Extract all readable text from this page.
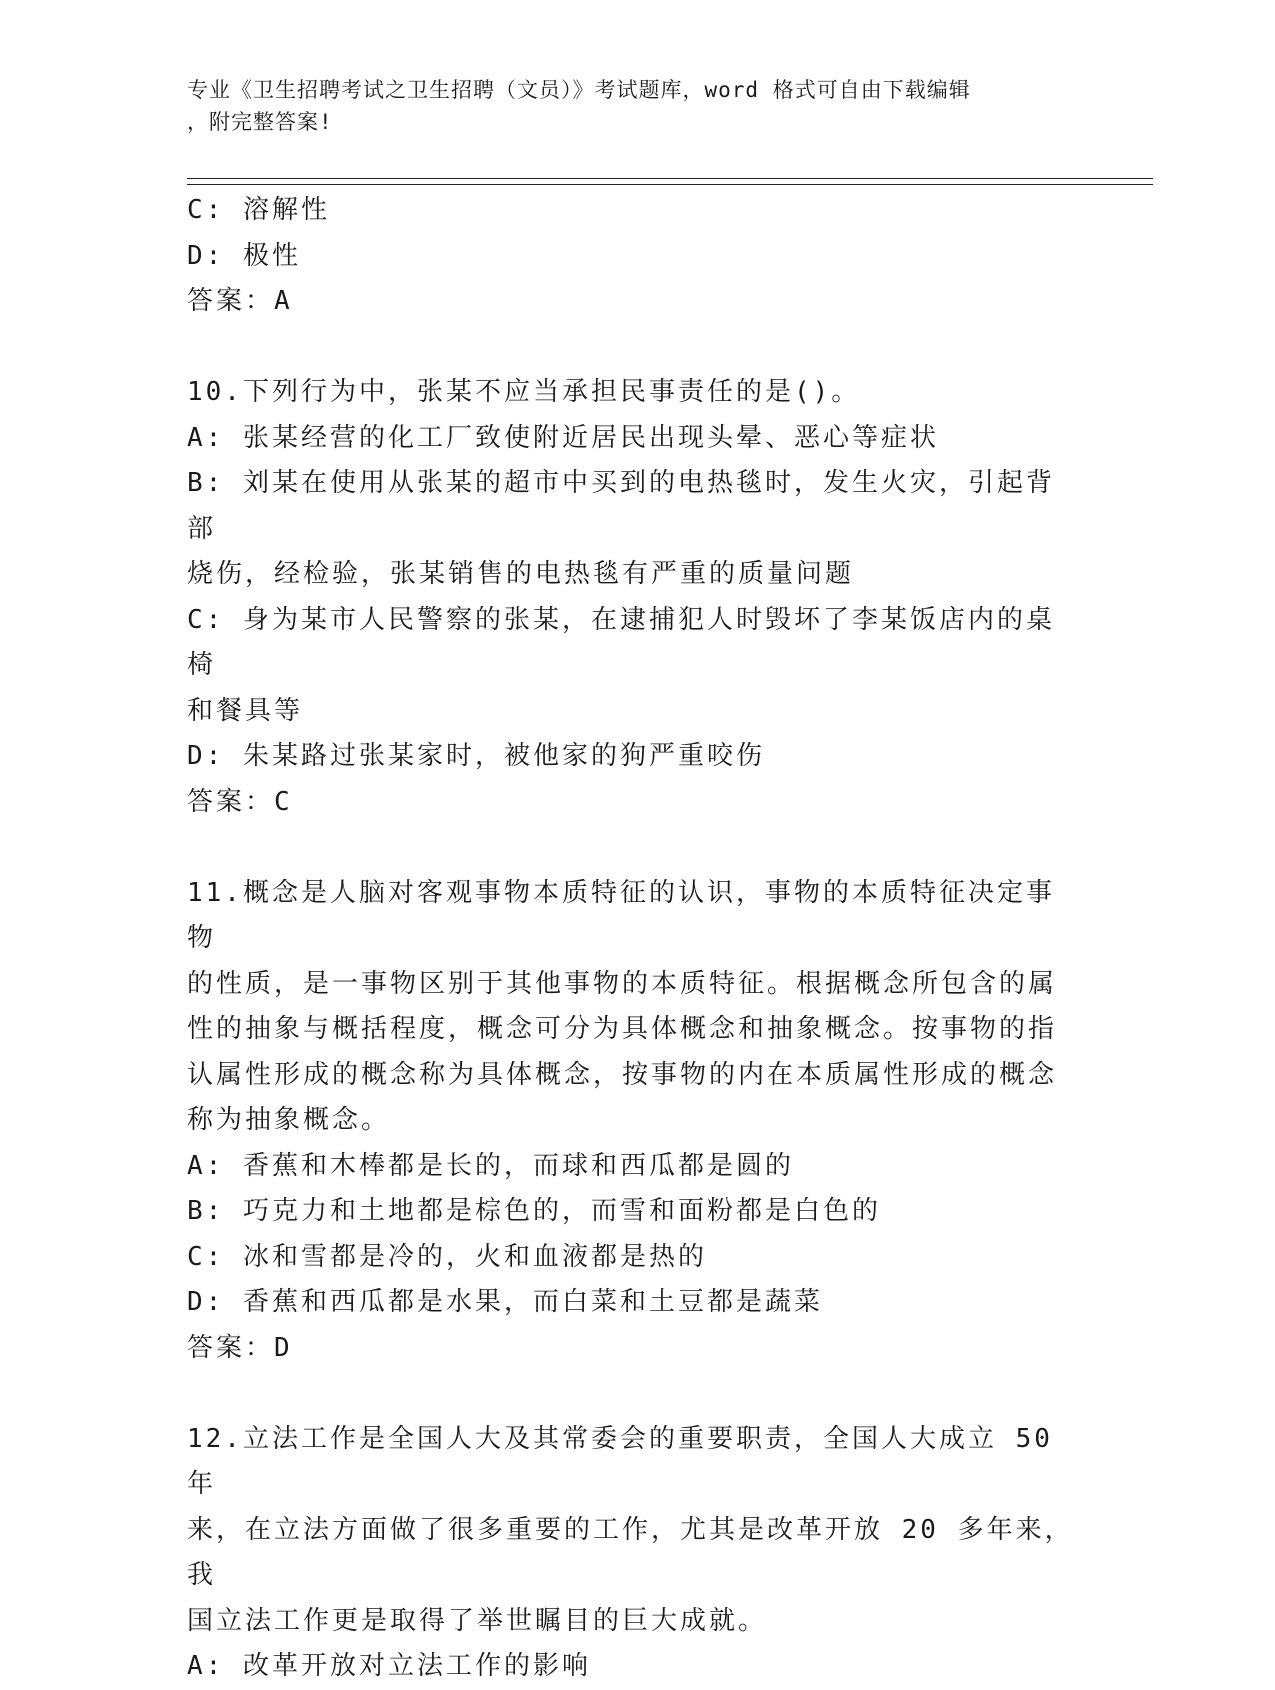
专业《卫生招聘考试之卫生招聘（文员）》考试题库，word 格式可自由下载编辑
，附完整答案!
C: 溶解性
D: 极性
答案：A
10.下列行为中，张某不应当承担民事责任的是()。
A: 张某经营的化工厂致使附近居民出现头晕、恶心等症状
B: 刘某在使用从张某的超市中买到的电热毯时，发生火灾，引起背部
烧伤，经检验，张某销售的电热毯有严重的质量问题
C: 身为某市人民警察的张某，在逮捕犯人时毁坏了李某饭店内的桌椅
和餐具等
D: 朱某路过张某家时，被他家的狗严重咬伤
答案：C
11.概念是人脑对客观事物本质特征的认识，事物的本质特征决定事物
的性质，是一事物区别于其他事物的本质特征。根据概念所包含的属
性的抽象与概括程度，概念可分为具体概念和抽象概念。按事物的指
认属性形成的概念称为具体概念，按事物的内在本质属性形成的概念
称为抽象概念。
A: 香蕉和木棒都是长的，而球和西瓜都是圆的
B: 巧克力和土地都是棕色的，而雪和面粉都是白色的
C: 冰和雪都是冷的，火和血液都是热的
D: 香蕉和西瓜都是水果，而白菜和土豆都是蔬菜
答案：D
12.立法工作是全国人大及其常委会的重要职责，全国人大成立 50 年
来，在立法方面做了很多重要的工作，尤其是改革开放 20 多年来，我
国立法工作更是取得了举世瞩目的巨大成就。
A: 改革开放对立法工作的影响
